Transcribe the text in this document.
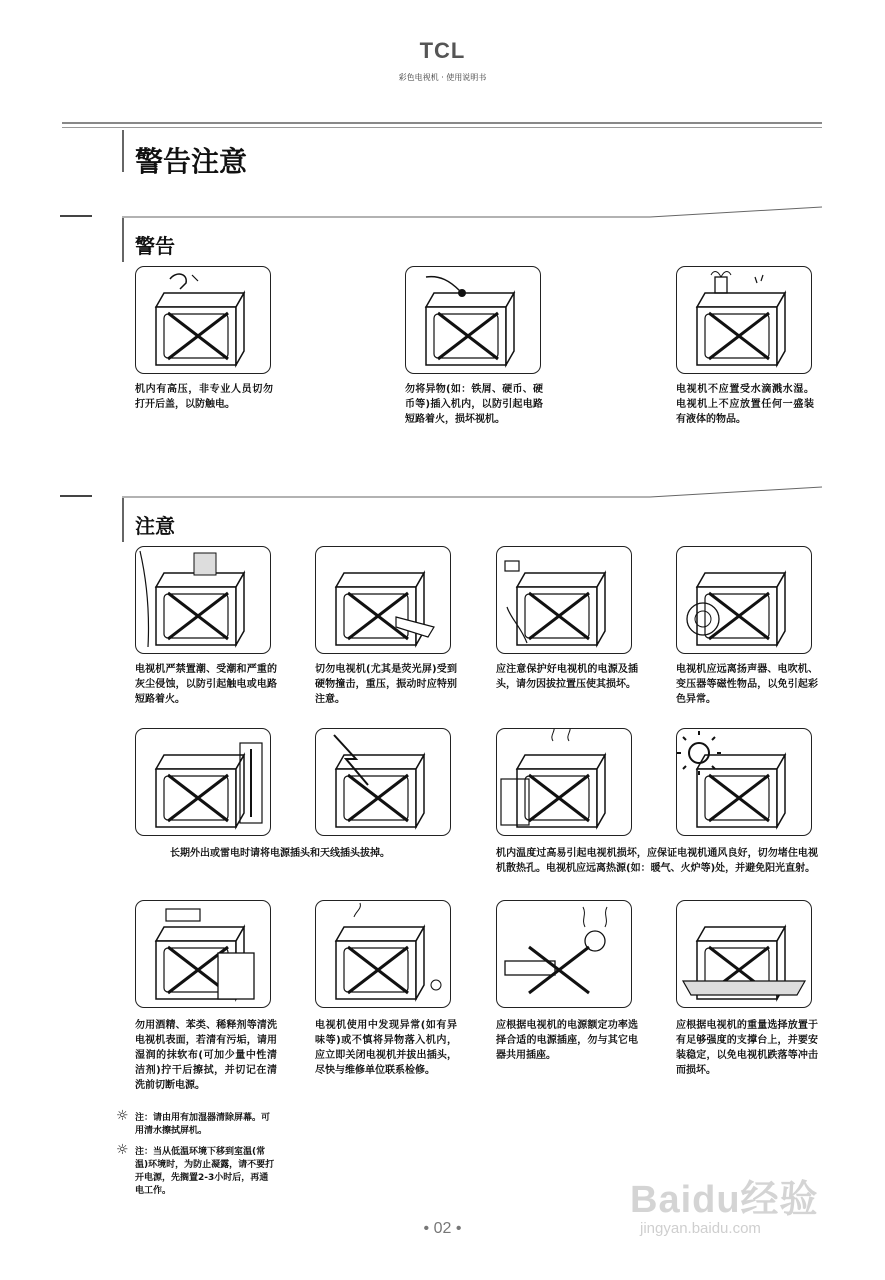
TCL
彩色电视机 · 使用说明书
警告注意
警告
机内有高压，非专业人员切勿打开后盖，以防触电。
勿将异物(如：铁屑、硬币、硬币等)插入机内，以防引起电路短路着火，损坏视机。
电视机不应置受水滴溅水湿。电视机上不应放置任何一盛装有液体的物品。
注意
电视机严禁置潮、受潮和严重的灰尘侵蚀，以防引起触电或电路短路着火。
切勿电视机(尤其是荧光屏)受到硬物撞击，重压，振动时应特别注意。
应注意保护好电视机的电源及插头，请勿因拔拉置压使其损坏。
电视机应远离扬声器、电吹机、变压器等磁性物品，以免引起彩色异常。
长期外出或雷电时请将电源插头和天线插头拔掉。	机内温度过高易引起电视机损坏，应保证电视机通风良好，切勿堵住电视机散热孔。电视机应远离热源(如：暖气、火炉等)处，并避免阳光直射。
勿用酒精、苯类、稀释剂等清洗电视机表面，若清有污垢，请用湿润的抹软布(可加少量中性清洁剂)拧干后擦拭，并切记在清洗前切断电源。
电视机使用中发现异常(如有异味等)或不慎将异物落入机内，应立即关闭电视机并拔出插头，尽快与维修单位联系检修。
应根据电视机的电源额定功率选择合适的电源插座，勿与其它电器共用插座。
应根据电视机的重量选择放置于有足够强度的支撑台上，并要安装稳定，以免电视机跌落等冲击而损坏。
☼ 注：请由用有加湿器清除屏幕。可用清水擦拭屏机。
☼ 注：当从低温环境下移到室温(常温)环境时，为防止凝露，请不要打开电源，先搁置2-3小时后，再通电工作。
• 02 •
Baidu经验
jingyan.baidu.com
